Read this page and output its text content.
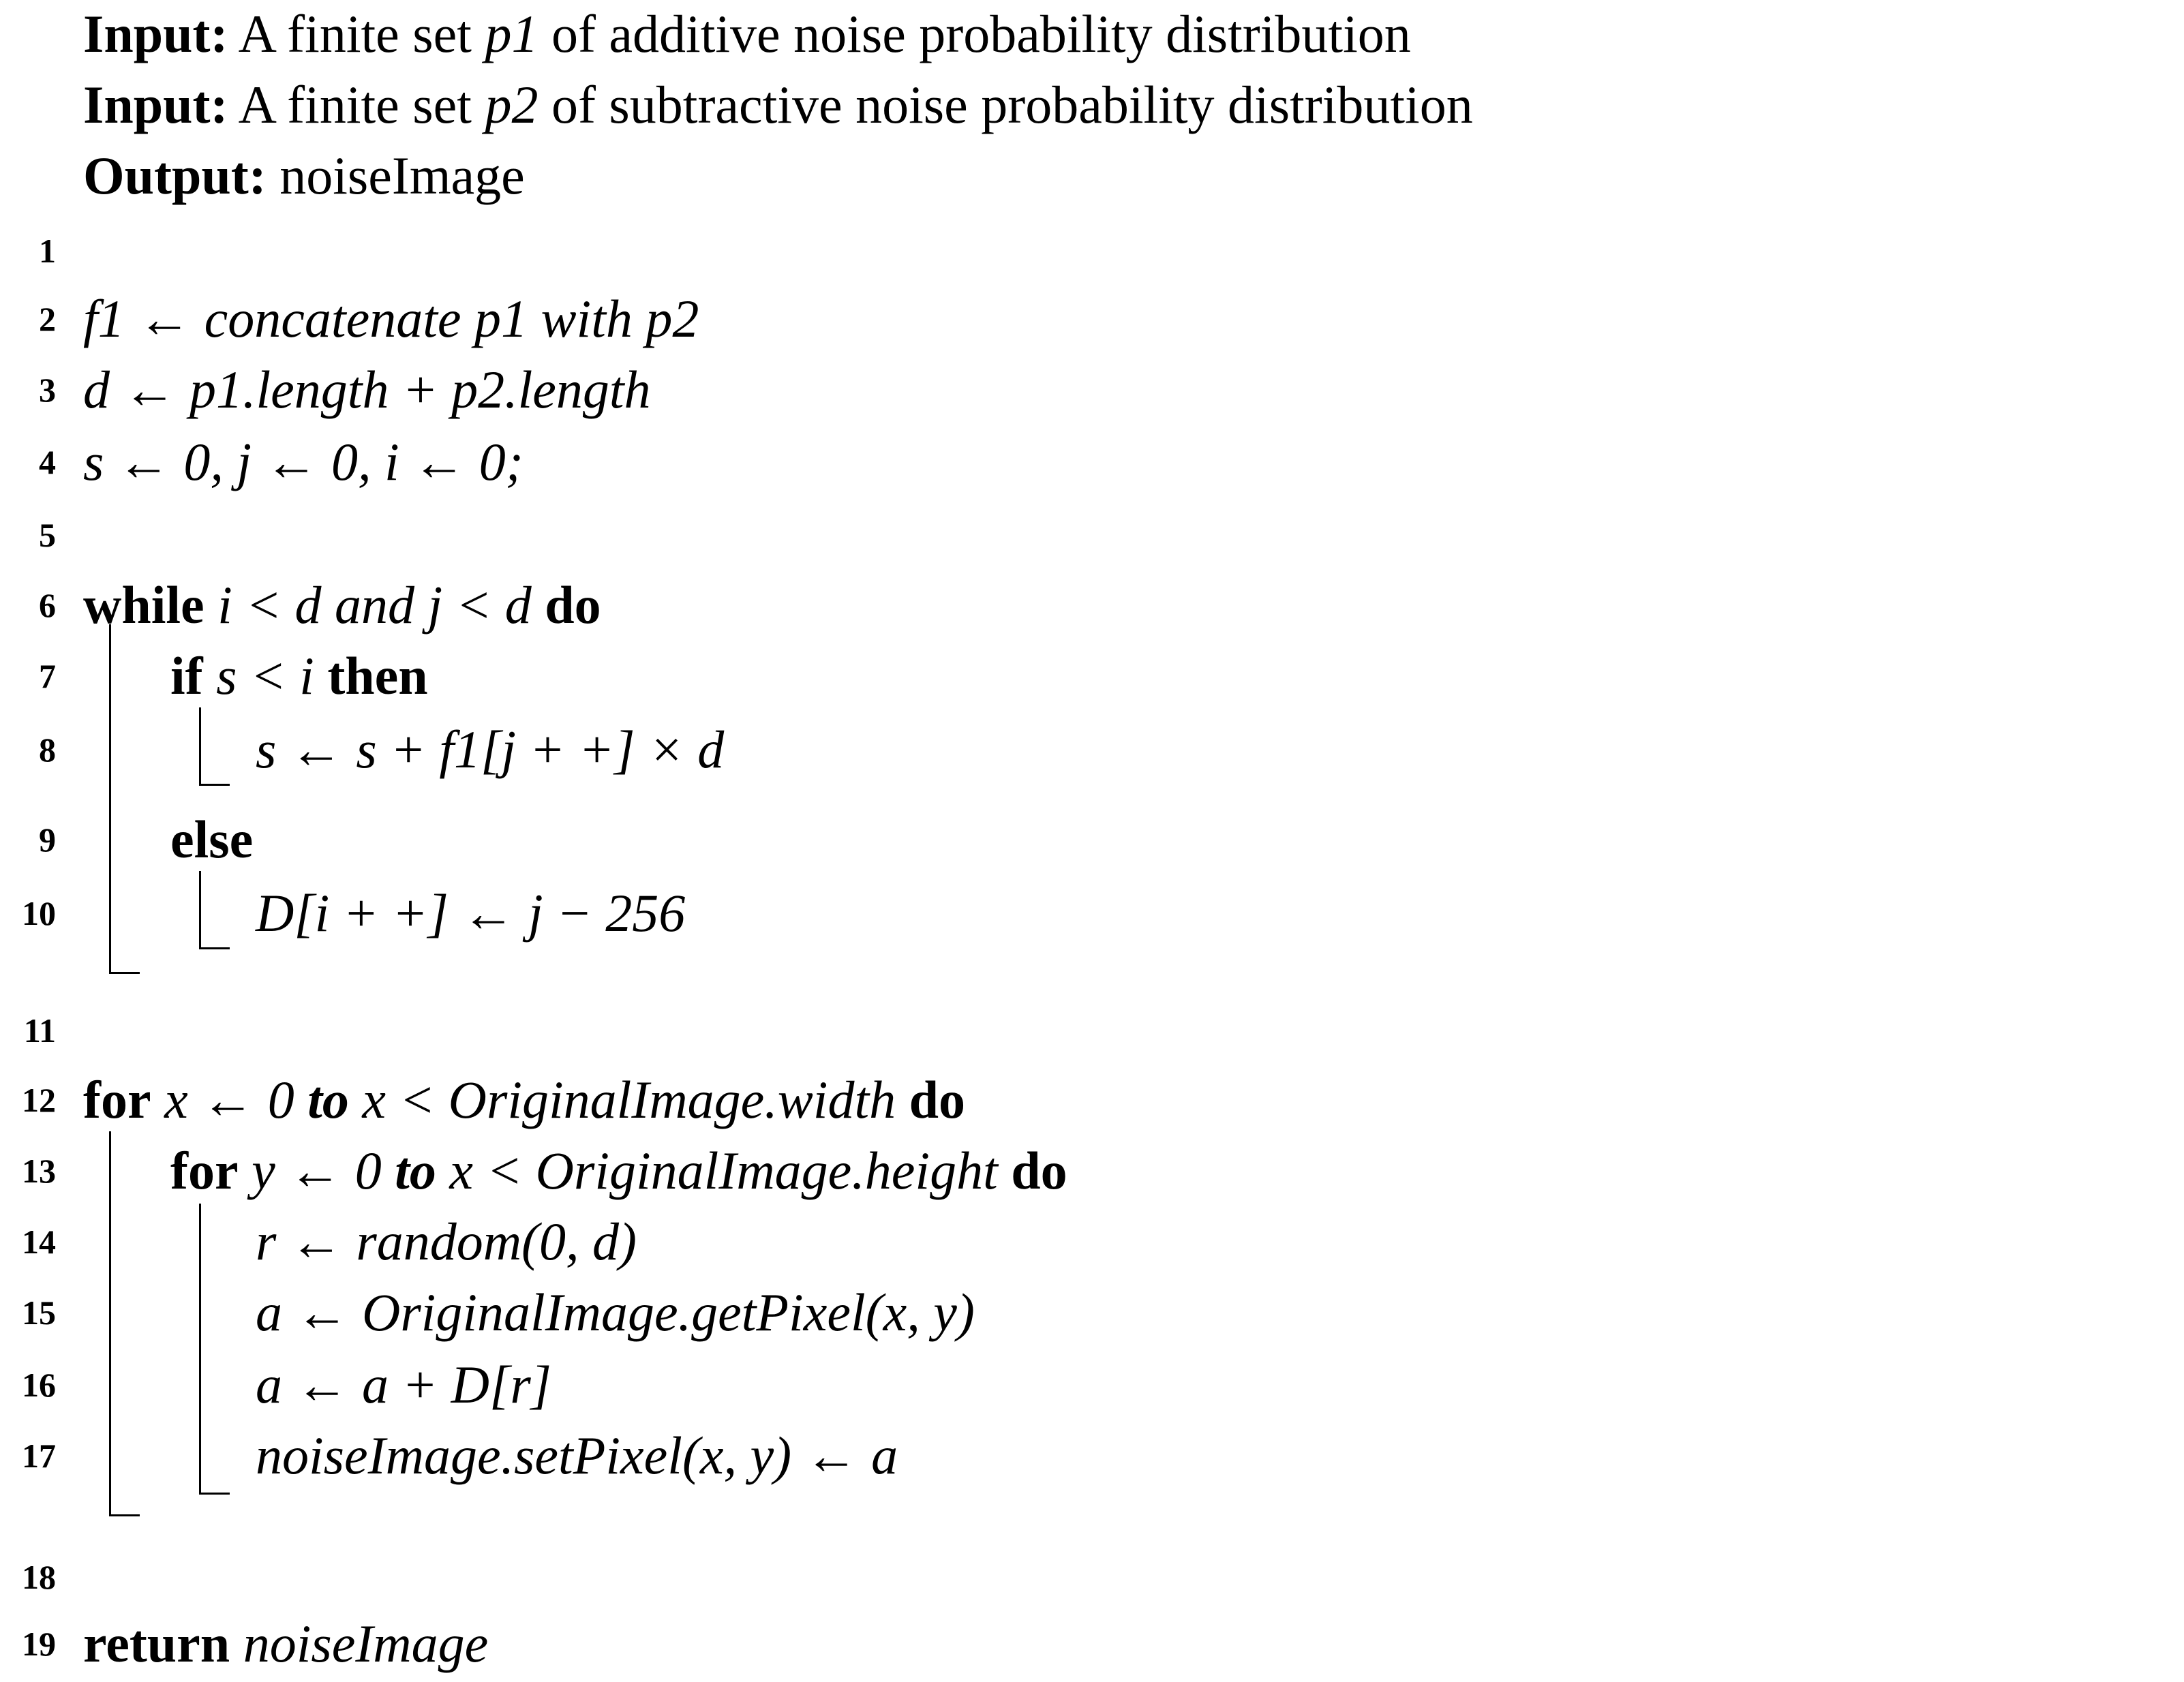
Input: A finite set p1 of additive noise probability distribution
Input: A finite set p2 of subtractive noise probability distribution
Output: noiseImage
1
2 f1 ← concatenate p1 with p2
3 d ← p1.length + p2.length
4 s ← 0, j ← 0, i ← 0;
5
6 while i < d and j < d do
7 if s < i then
8	s ← s + f1[j + +] × d
9 else
10	D[i + +] ← j − 256
11
12 for x ← 0 to x < OriginalImage.width do
13 for y ← 0 to x < OriginalImage.height do
14	r ← random(0, d)
15	a ← OriginalImage.getPixel(x, y)
16	a ← a + D[r]
17	noiseImage.setPixel(x, y) ← a
18
19 return noiseImage
